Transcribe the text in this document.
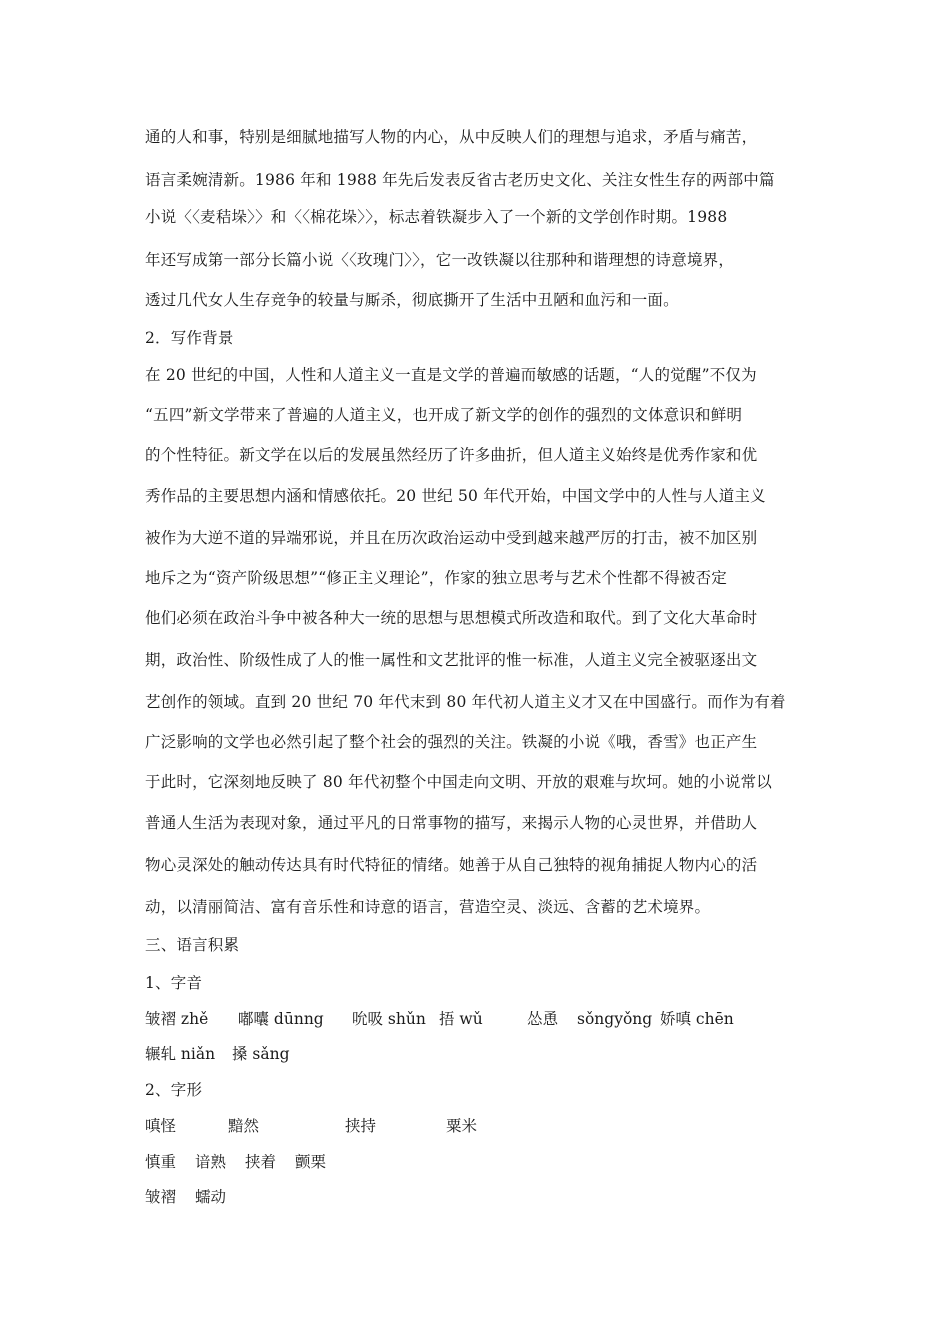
通的人和事，特别是细腻地描写人物的内心，从中反映人们的理想与追求，矛盾与痛苦，
语言柔婉清新。1986 年和 1988 年先后发表反省古老历史文化、关注女性生存的两部中篇
小说〈〈麦秸垛〉〉和〈〈棉花垛〉〉，标志着铁凝步入了一个新的文学创作时期。1988
年还写成第一部分长篇小说〈〈玫瑰门〉〉，它一改铁凝以往那种和谐理想的诗意境界，
透过几代女人生存竞争的较量与厮杀，彻底撕开了生活中丑陋和血污和一面。
2．写作背景
在 20 世纪的中国，人性和人道主义一直是文学的普遍而敏感的话题，“人的觉醒”不仅为
“五四”新文学带来了普遍的人道主义，也开成了新文学的创作的强烈的文体意识和鲜明
的个性特征。新文学在以后的发展虽然经历了许多曲折，但人道主义始终是优秀作家和优
秀作品的主要思想内涵和情感依托。20 世纪 50 年代开始，中国文学中的人性与人道主义
被作为大逆不道的异端邪说，并且在历次政治运动中受到越来越严厉的打击，被不加区别
地斥之为“资产阶级思想”“修正主义理论”，作家的独立思考与艺术个性都不得被否定
他们必须在政治斗争中被各种大一统的思想与思想模式所改造和取代。到了文化大革命时
期，政治性、阶级性成了人的惟一属性和文艺批评的惟一标准，人道主义完全被驱逐出文
艺创作的领域。直到 20 世纪 70 年代末到 80 年代初人道主义才又在中国盛行。而作为有着
广泛影响的文学也必然引起了整个社会的强烈的关注。铁凝的小说《哦，香雪》也正产生
于此时，它深刻地反映了 80 年代初整个中国走向文明、开放的艰难与坎坷。她的小说常以
普通人生活为表现对象，通过平凡的日常事物的描写，来揭示人物的心灵世界，并借助人
物心灵深处的触动传达具有时代特征的情绪。她善于从自己独特的视角捕捉人物内心的活
动，以清丽简洁、富有音乐性和诗意的语言，营造空灵、淡远、含蓄的艺术境界。
三、语言积累
1、字音
皱褶 zhě 嘟囔 dūnng 吮吸 shǔn 捂 wǔ	怂恿 sǒngyǒng 娇嗔 chēn
辗轧 niǎn 搡 sǎng
2、字形
嗔怪	黯然	挟持	粟米
慎重 谙熟 挟着 颤栗
皱褶 蠕动
